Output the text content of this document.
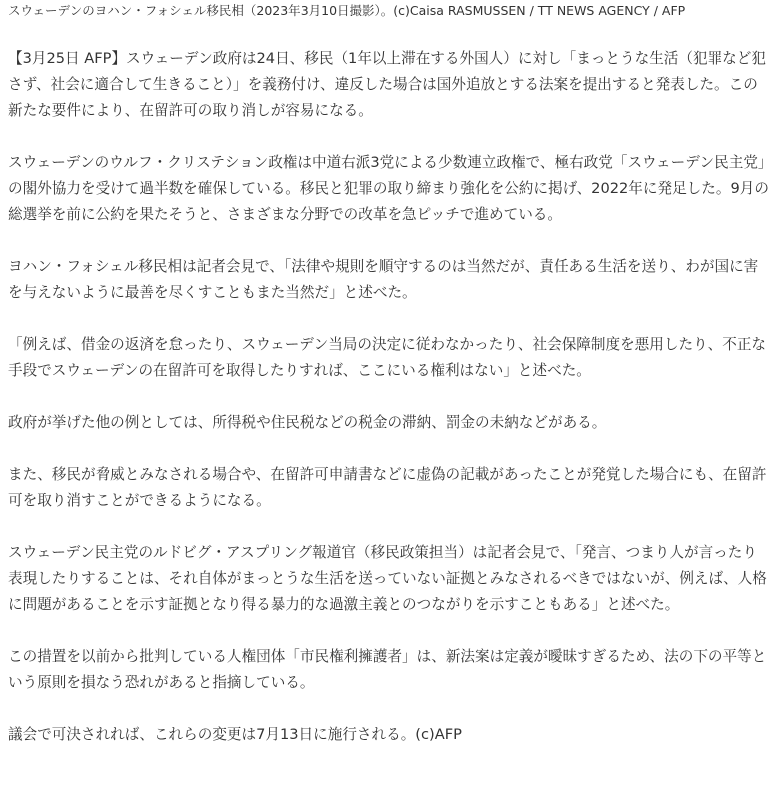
スウェーデンのヨハン・フォシェル移民相（2023年3月10日撮影）。(c)Caisa RASMUSSEN / TT NEWS AGENCY / AFP

【3月25日 AFP】スウェーデン政府は24日、移民（1年以上滞在する外国人）に対し「まっとうな生活（犯罪など犯さず、社会に適合して生きること）」を義務付け、違反した場合は国外追放とする法案を提出すると発表した。この新たな要件により、在留許可の取り消しが容易になる。

スウェーデンのウルフ・クリステション政権は中道右派3党による少数連立政権で、極右政党「スウェーデン民主党」の閣外協力を受けて過半数を確保している。移民と犯罪の取り締まり強化を公約に掲げ、2022年に発足した。9月の総選挙を前に公約を果たそうと、さまざまな分野での改革を急ピッチで進めている。

ヨハン・フォシェル移民相は記者会見で、「法律や規則を順守するのは当然だが、責任ある生活を送り、わが国に害を与えないように最善を尽くすこともまた当然だ」と述べた。

「例えば、借金の返済を怠ったり、スウェーデン当局の決定に従わなかったり、社会保障制度を悪用したり、不正な手段でスウェーデンの在留許可を取得したりすれば、ここにいる権利はない」と述べた。

政府が挙げた他の例としては、所得税や住民税などの税金の滞納、罰金の未納などがある。

また、移民が脅威とみなされる場合や、在留許可申請書などに虚偽の記載があったことが発覚した場合にも、在留許可を取り消すことができるようになる。

スウェーデン民主党のルドビグ・アスプリング報道官（移民政策担当）は記者会見で、「発言、つまり人が言ったり表現したりすることは、それ自体がまっとうな生活を送っていない証拠とみなされるべきではないが、例えば、人格に問題があることを示す証拠となり得る暴力的な過激主義とのつながりを示すこともある」と述べた。

この措置を以前から批判している人権団体「市民権利擁護者」は、新法案は定義が曖昧すぎるため、法の下の平等という原則を損なう恐れがあると指摘している。

議会で可決されれば、これらの変更は7月13日に施行される。(c)AFP
